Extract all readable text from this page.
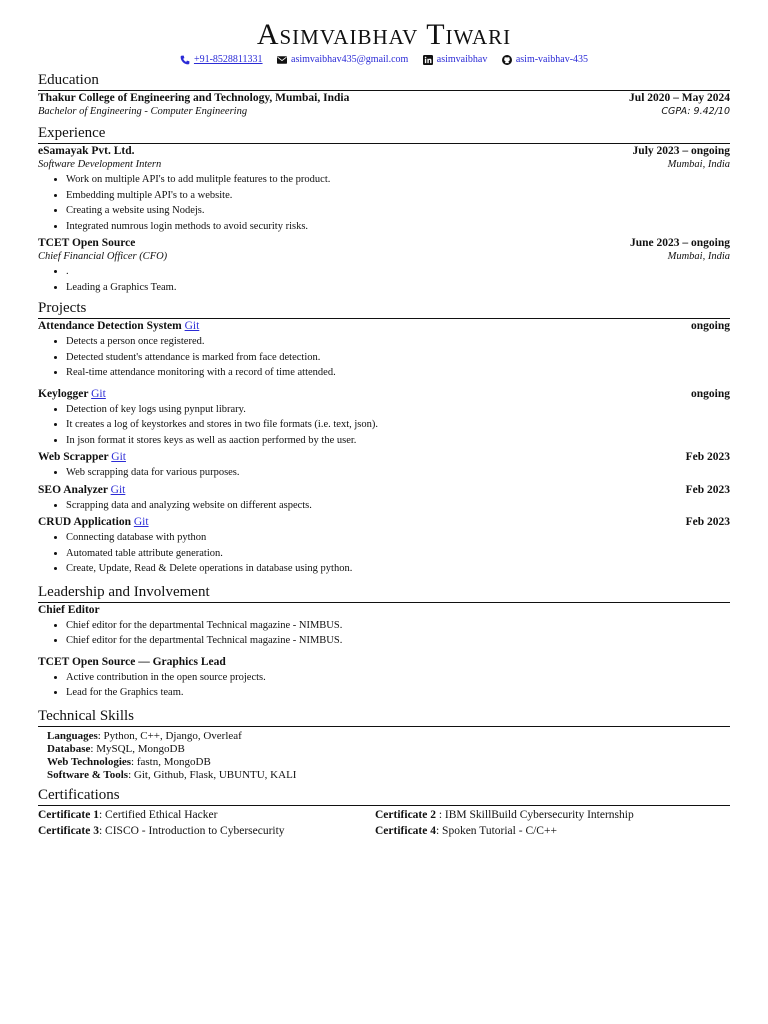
Asimvaibhav Tiwari
+91-8528811331
	asimvaibhav435@gmail.com
	asimvaibhav
	asim-vaibhav-435
Education
Thakur College of Engineering and Technology, Mumbai, India	Jul 2020 – May 2024
Bachelor of Engineering - Computer Engineering	CGPA: 9.42/10
Experience
eSamayak Pvt. Ltd.	July 2023 – ongoing
Software Development Intern	Mumbai, India
• Work on multiple API's to add mulitple features to the product.
• Embedding multiple API's to a website.
• Creating a website using Nodejs.
• Integrated numrous login methods to avoid security risks.
TCET Open Source	June 2023 – ongoing
Chief Financial Officer (CFO)	Mumbai, India
• .
• Leading a Graphics Team.
Projects
Attendance Detection System Git	ongoing
• Detects a person once registered.
• Detected student's attendance is marked from face detection.
• Real-time attendance monitoring with a record of time attended.
Keylogger Git	ongoing
• Detection of key logs using pynput library.
• It creates a log of keystorkes and stores in two file formats (i.e. text, json).
• In json format it stores keys as well as aaction performed by the user.
Web Scrapper Git	Feb 2023
• Web scrapping data for various purposes.
SEO Analyzer Git	Feb 2023
• Scrapping data and analyzing website on different aspects.
CRUD Application Git	Feb 2023
• Connecting database with python
• Automated table attribute generation.
• Create, Update, Read & Delete operations in database using python.
Leadership and Involvement
Chief Editor
• Chief editor for the departmental Technical magazine - NIMBUS.
• Chief editor for the departmental Technical magazine - NIMBUS.
TCET Open Source — Graphics Lead
• Active contribution in the open source projects.
• Lead for the Graphics team.
Technical Skills
Languages: Python, C++, Django, Overleaf
Database: MySQL, MongoDB
Web Technologies: fastn, MongoDB
Software & Tools: Git, Github, Flask, UBUNTU, KALI
Certifications
Certificate 1: Certified Ethical Hacker	Certificate 2 : IBM SkillBuild Cybersecurity Internship
Certificate 3: CISCO - Introduction to Cybersecurity	Certificate 4: Spoken Tutorial - C/C++
